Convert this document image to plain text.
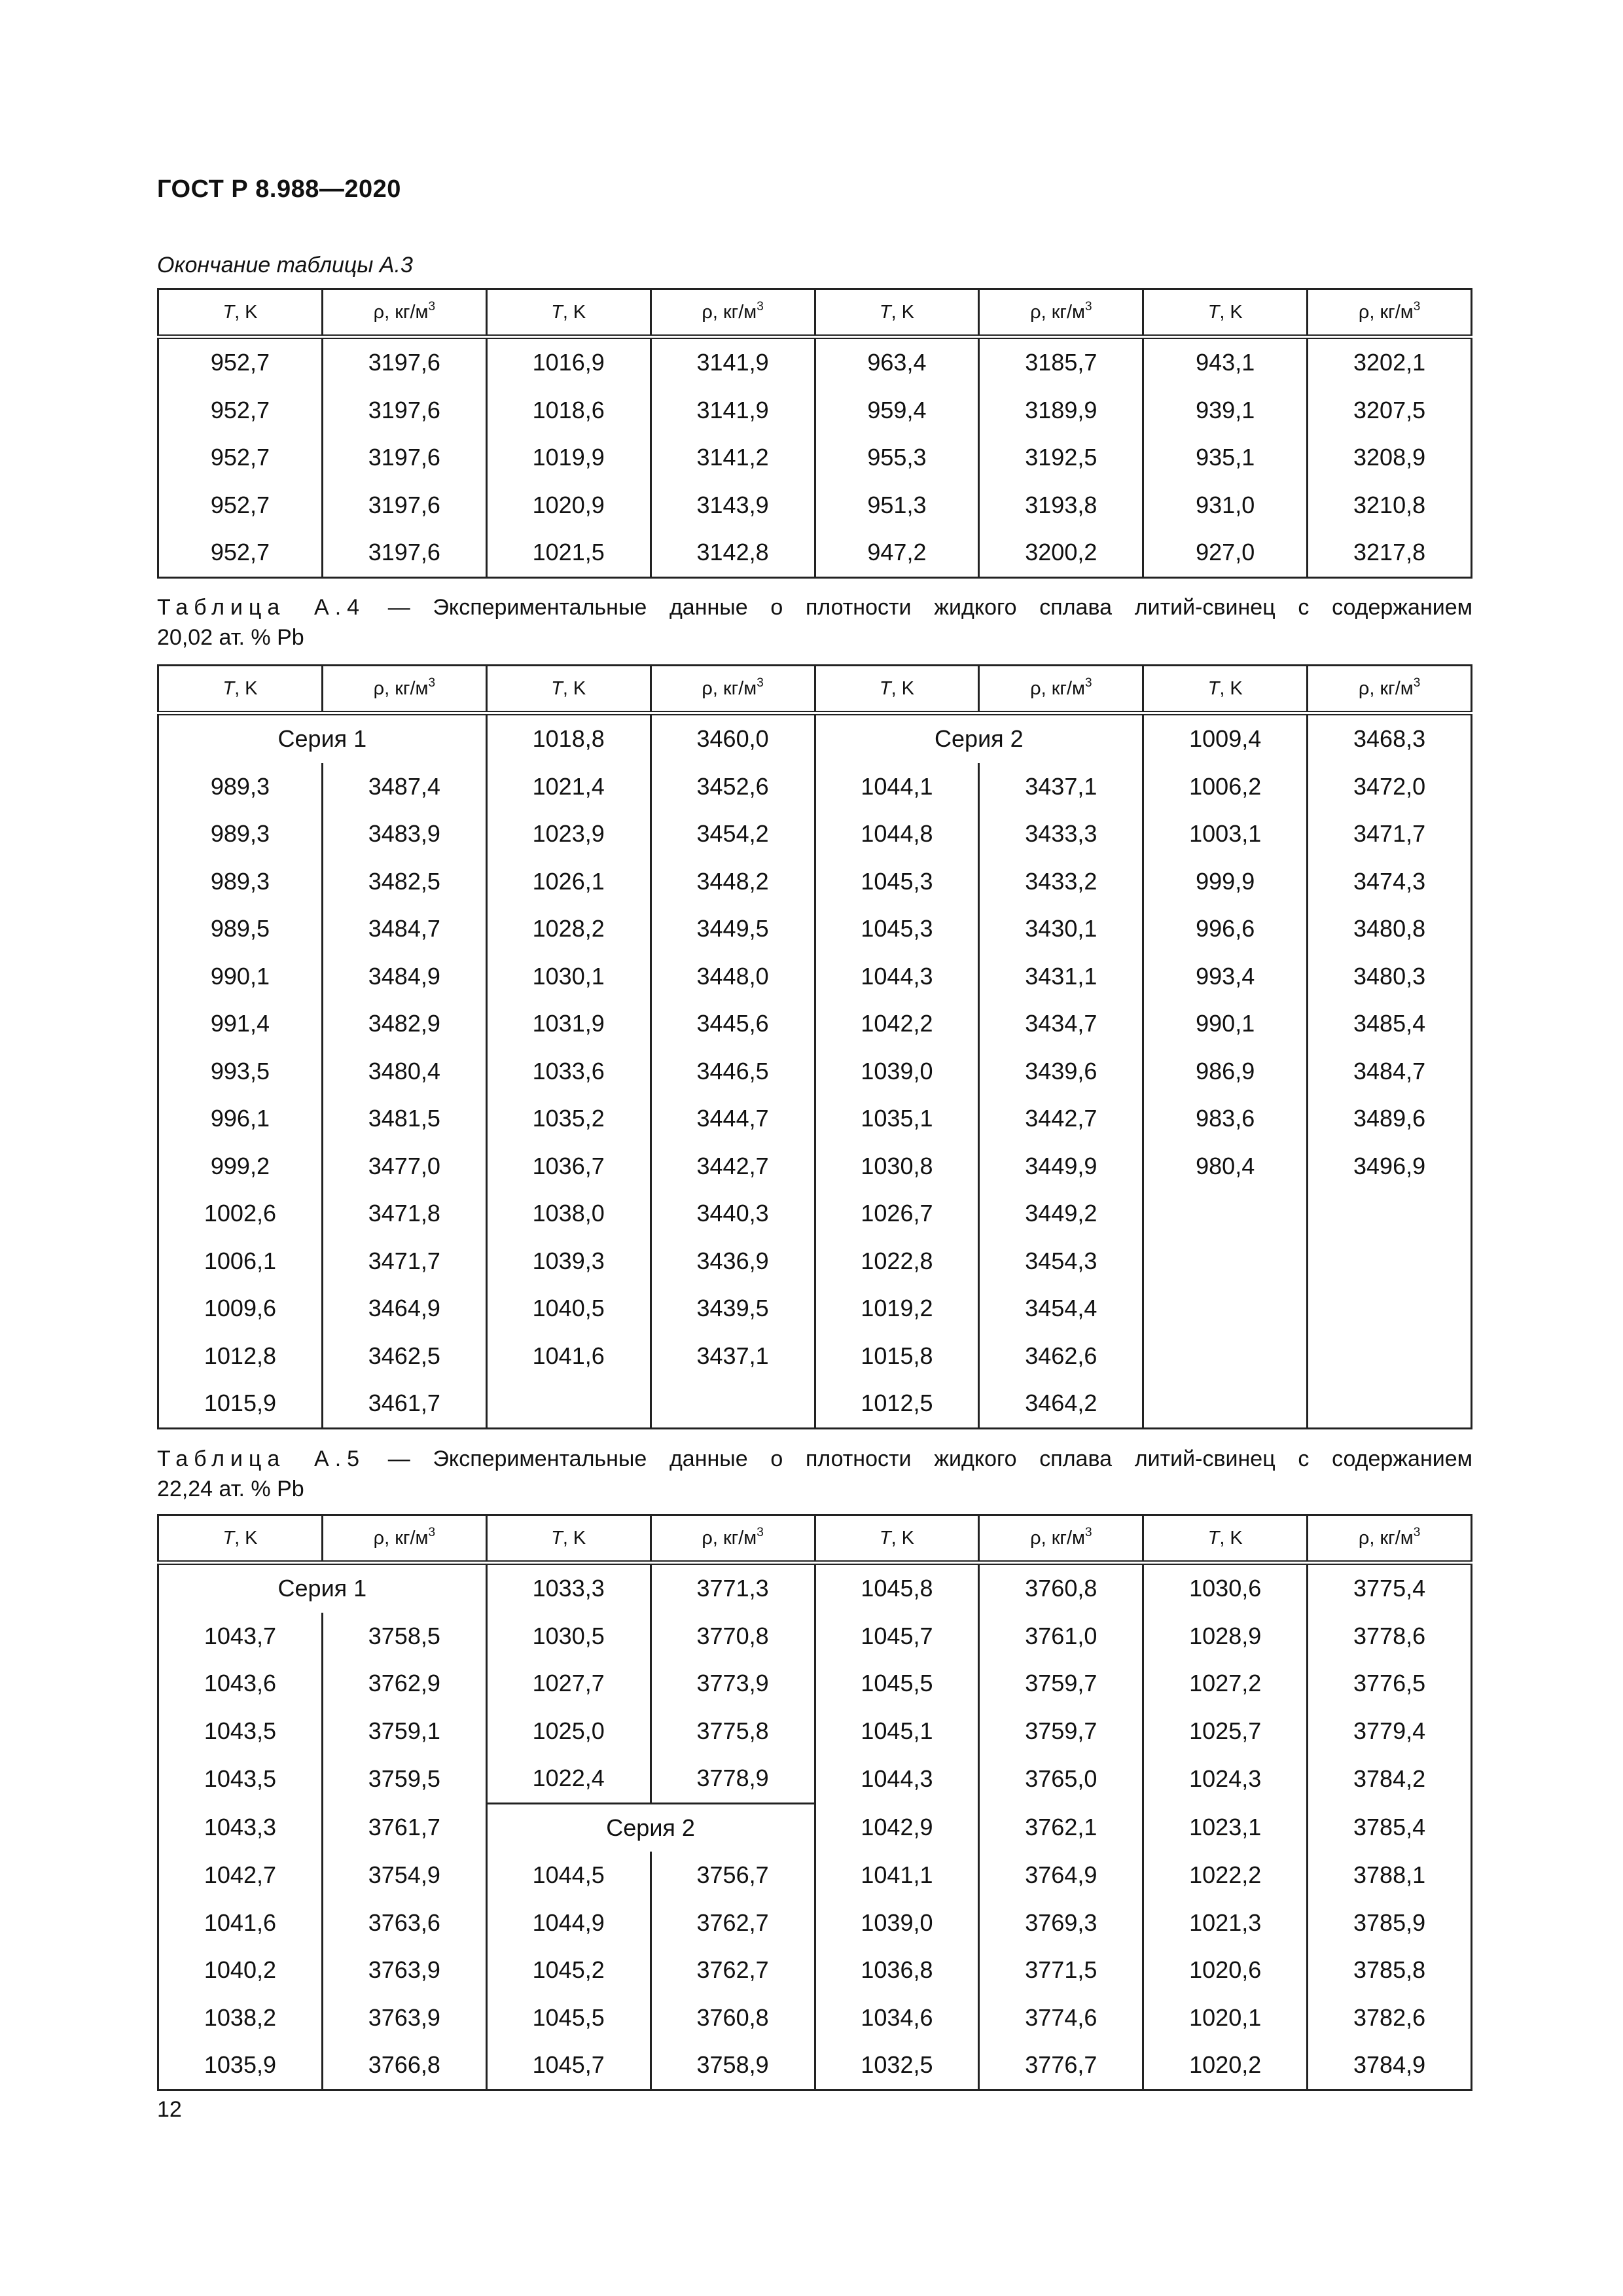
ГОСТ Р 8.988—2020
Окончание таблицы А.3
T, K	ρ, $кг/м^3$	T, K	ρ, $кг/м^3$	T, K	ρ, $кг/м^3$	T, K	ρ, $кг/м^3$
952,7	3197,6	1016,9	3141,9	963,4	3185,7	943,1	3202,1
952,7	3197,6	1018,6	3141,9	959,4	3189,9	939,1	3207,5
952,7	3197,6	1019,9	3141,2	955,3	3192,5	935,1	3208,9
952,7	3197,6	1020,9	3143,9	951,3	3193,8	931,0	3210,8
952,7	3197,6	1021,5	3142,8	947,2	3200,2	927,0	3217,8
Таблица А.4 — Экспериментальные данные о плотности жидкого сплава литий-свинец с содержанием
20,02 ат. % Pb
T, K	ρ, $кг/м^3$	T, K	ρ, $кг/м^3$	T, K	ρ, $кг/м^3$	T, K	ρ, $кг/м^3$
Серия 1		1018,8	3460,0	Серия 2		1009,4	3468,3
989,3	3487,4	1021,4	3452,6	1044,1	3437,1	1006,2	3472,0
989,3	3483,9	1023,9	3454,2	1044,8	3433,3	1003,1	3471,7
989,3	3482,5	1026,1	3448,2	1045,3	3433,2	999,9	3474,3
989,5	3484,7	1028,2	3449,5	1045,3	3430,1	996,6	3480,8
990,1	3484,9	1030,1	3448,0	1044,3	3431,1	993,4	3480,3
991,4	3482,9	1031,9	3445,6	1042,2	3434,7	990,1	3485,4
993,5	3480,4	1033,6	3446,5	1039,0	3439,6	986,9	3484,7
996,1	3481,5	1035,2	3444,7	1035,1	3442,7	983,6	3489,6
999,2	3477,0	1036,7	3442,7	1030,8	3449,9	980,4	3496,9
1002,6	3471,8	1038,0	3440,3	1026,7	3449,2		
1006,1	3471,7	1039,3	3436,9	1022,8	3454,3		
1009,6	3464,9	1040,5	3439,5	1019,2	3454,4		
1012,8	3462,5	1041,6	3437,1	1015,8	3462,6		
1015,9	3461,7			1012,5	3464,2		
Таблица А.5 — Экспериментальные данные о плотности жидкого сплава литий-свинец с содержанием
22,24 ат. % Pb
T, K	ρ, $кг/м^3$	T, K	ρ, $кг/м^3$	T, K	ρ, $кг/м^3$	T, K	ρ, $кг/м^3$
Серия 1		1033,3	3771,3	1045,8	3760,8	1030,6	3775,4
1043,7	3758,5	1030,5	3770,8	1045,7	3761,0	1028,9	3778,6
1043,6	3762,9	1027,7	3773,9	1045,5	3759,7	1027,2	3776,5
1043,5	3759,1	1025,0	3775,8	1045,1	3759,7	1025,7	3779,4
1043,5	3759,5	1022,4	3778,9	1044,3	3765,0	1024,3	3784,2
1043,3	3761,7	Серия 2		1042,9	3762,1	1023,1	3785,4
1042,7	3754,9	1044,5	3756,7	1041,1	3764,9	1022,2	3788,1
1041,6	3763,6	1044,9	3762,7	1039,0	3769,3	1021,3	3785,9
1040,2	3763,9	1045,2	3762,7	1036,8	3771,5	1020,6	3785,8
1038,2	3763,9	1045,5	3760,8	1034,6	3774,6	1020,1	3782,6
1035,9	3766,8	1045,7	3758,9	1032,5	3776,7	1020,2	3784,9
12
